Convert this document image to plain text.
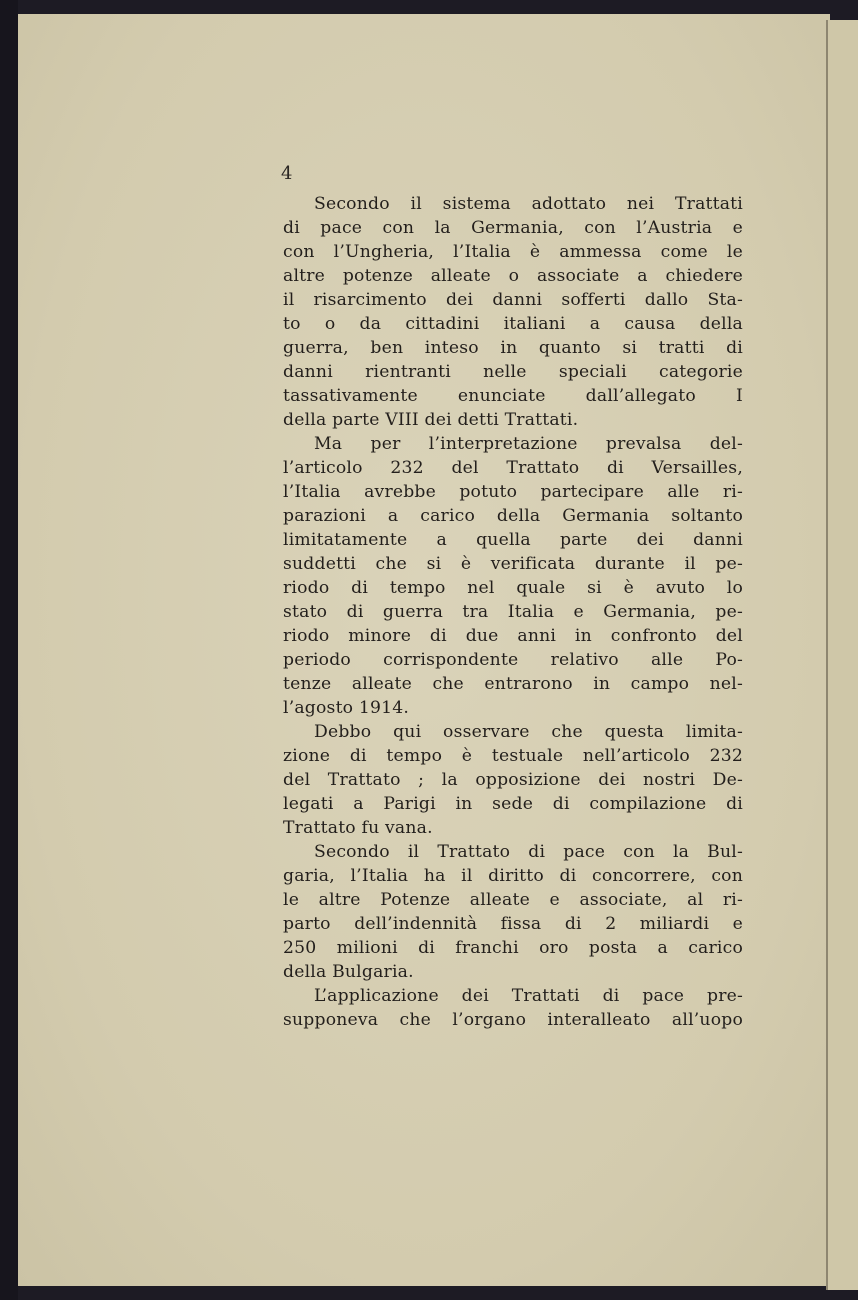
4
Secondo il sistema adottato nei Trattati
di pace con la Germania, con l’Austria e
con l’Ungheria, l’Italia è ammessa come le
altre potenze alleate o associate a chiedere
il risarcimento dei danni sofferti dallo Sta-
to o da cittadini italiani a causa della
guerra, ben inteso in quanto si tratti di
danni rientranti nelle speciali categorie
tassativamente enunciate dall’allegato I
della parte VIII dei detti Trattati.
Ma per l’interpretazione prevalsa del-
l’articolo 232 del Trattato di Versailles,
l’Italia avrebbe potuto partecipare alle ri-
parazioni a carico della Germania soltanto
limitatamente a quella parte dei danni
suddetti che si è verificata durante il pe-
riodo di tempo nel quale si è avuto lo
stato di guerra tra Italia e Germania, pe-
riodo minore di due anni in confronto del
periodo corrispondente relativo alle Po-
tenze alleate che entrarono in campo nel-
l’agosto 1914.
Debbo qui osservare che questa limita-
zione di tempo è testuale nell’articolo 232
del Trattato ; la opposizione dei nostri De-
legati a Parigi in sede di compilazione di
Trattato fu vana.
Secondo il Trattato di pace con la Bul-
garia, l’Italia ha il diritto di concorrere, con
le altre Potenze alleate e associate, al ri-
parto dell’indennità fissa di 2 miliardi e
250 milioni di franchi oro posta a carico
della Bulgaria.
L’applicazione dei Trattati di pace pre-
supponeva che l’organo interalleato all’uopo
